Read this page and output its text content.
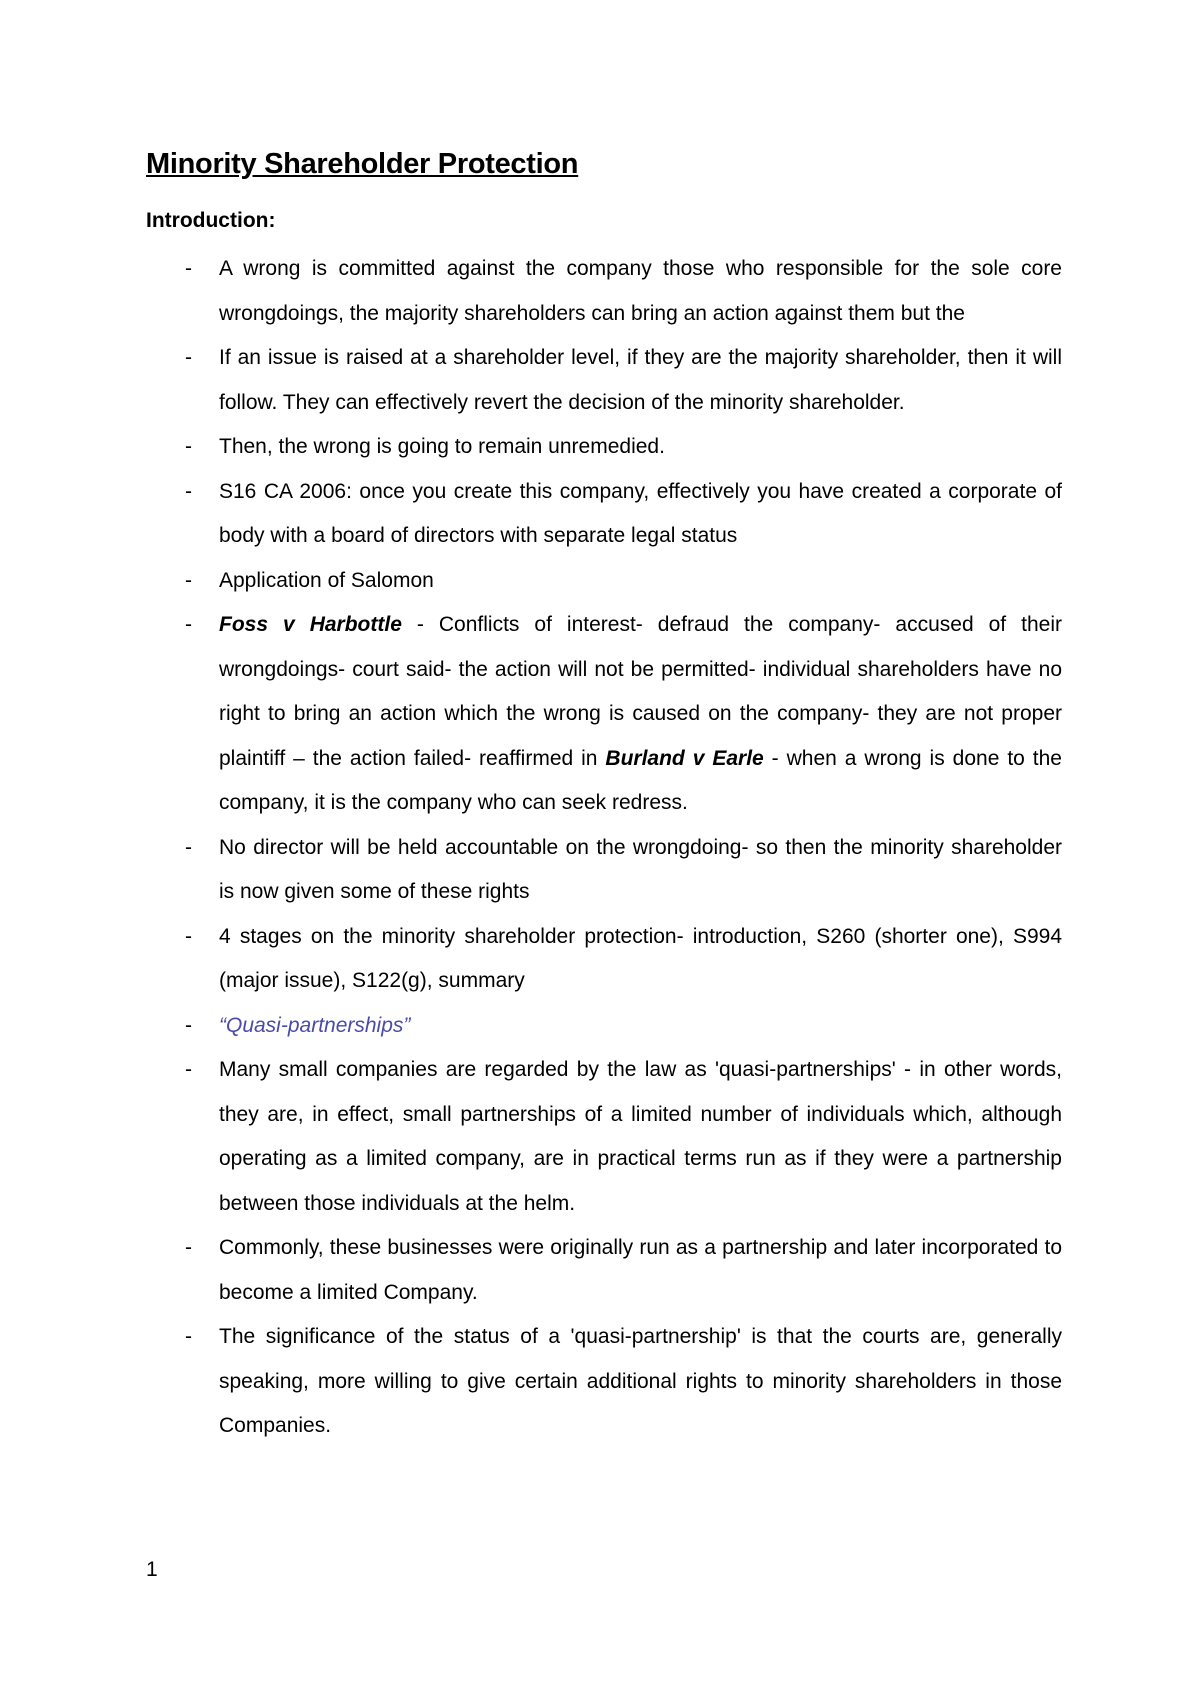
Minority Shareholder Protection
Introduction:
- A wrong is committed against the company those who responsible for the sole core wrongdoings, the majority shareholders can bring an action against them but the
- If an issue is raised at a shareholder level, if they are the majority shareholder, then it will follow. They can effectively revert the decision of the minority shareholder.
- Then, the wrong is going to remain unremedied.
- S16 CA 2006: once you create this company, effectively you have created a corporate of body with a board of directors with separate legal status
- Application of Salomon
- Foss v Harbottle - Conflicts of interest- defraud the company- accused of their wrongdoings- court said- the action will not be permitted- individual shareholders have no right to bring an action which the wrong is caused on the company- they are not proper plaintiff – the action failed- reaffirmed in Burland v Earle - when a wrong is done to the company, it is the company who can seek redress.
- No director will be held accountable on the wrongdoing- so then the minority shareholder is now given some of these rights
- 4 stages on the minority shareholder protection- introduction, S260 (shorter one), S994 (major issue), S122(g), summary
- “Quasi-partnerships”
- Many small companies are regarded by the law as 'quasi-partnerships' - in other words, they are, in effect, small partnerships of a limited number of individuals which, although operating as a limited company, are in practical terms run as if they were a partnership between those individuals at the helm.
- Commonly, these businesses were originally run as a partnership and later incorporated to become a limited Company.
- The significance of the status of a 'quasi-partnership' is that the courts are, generally speaking, more willing to give certain additional rights to minority shareholders in those Companies.
1
